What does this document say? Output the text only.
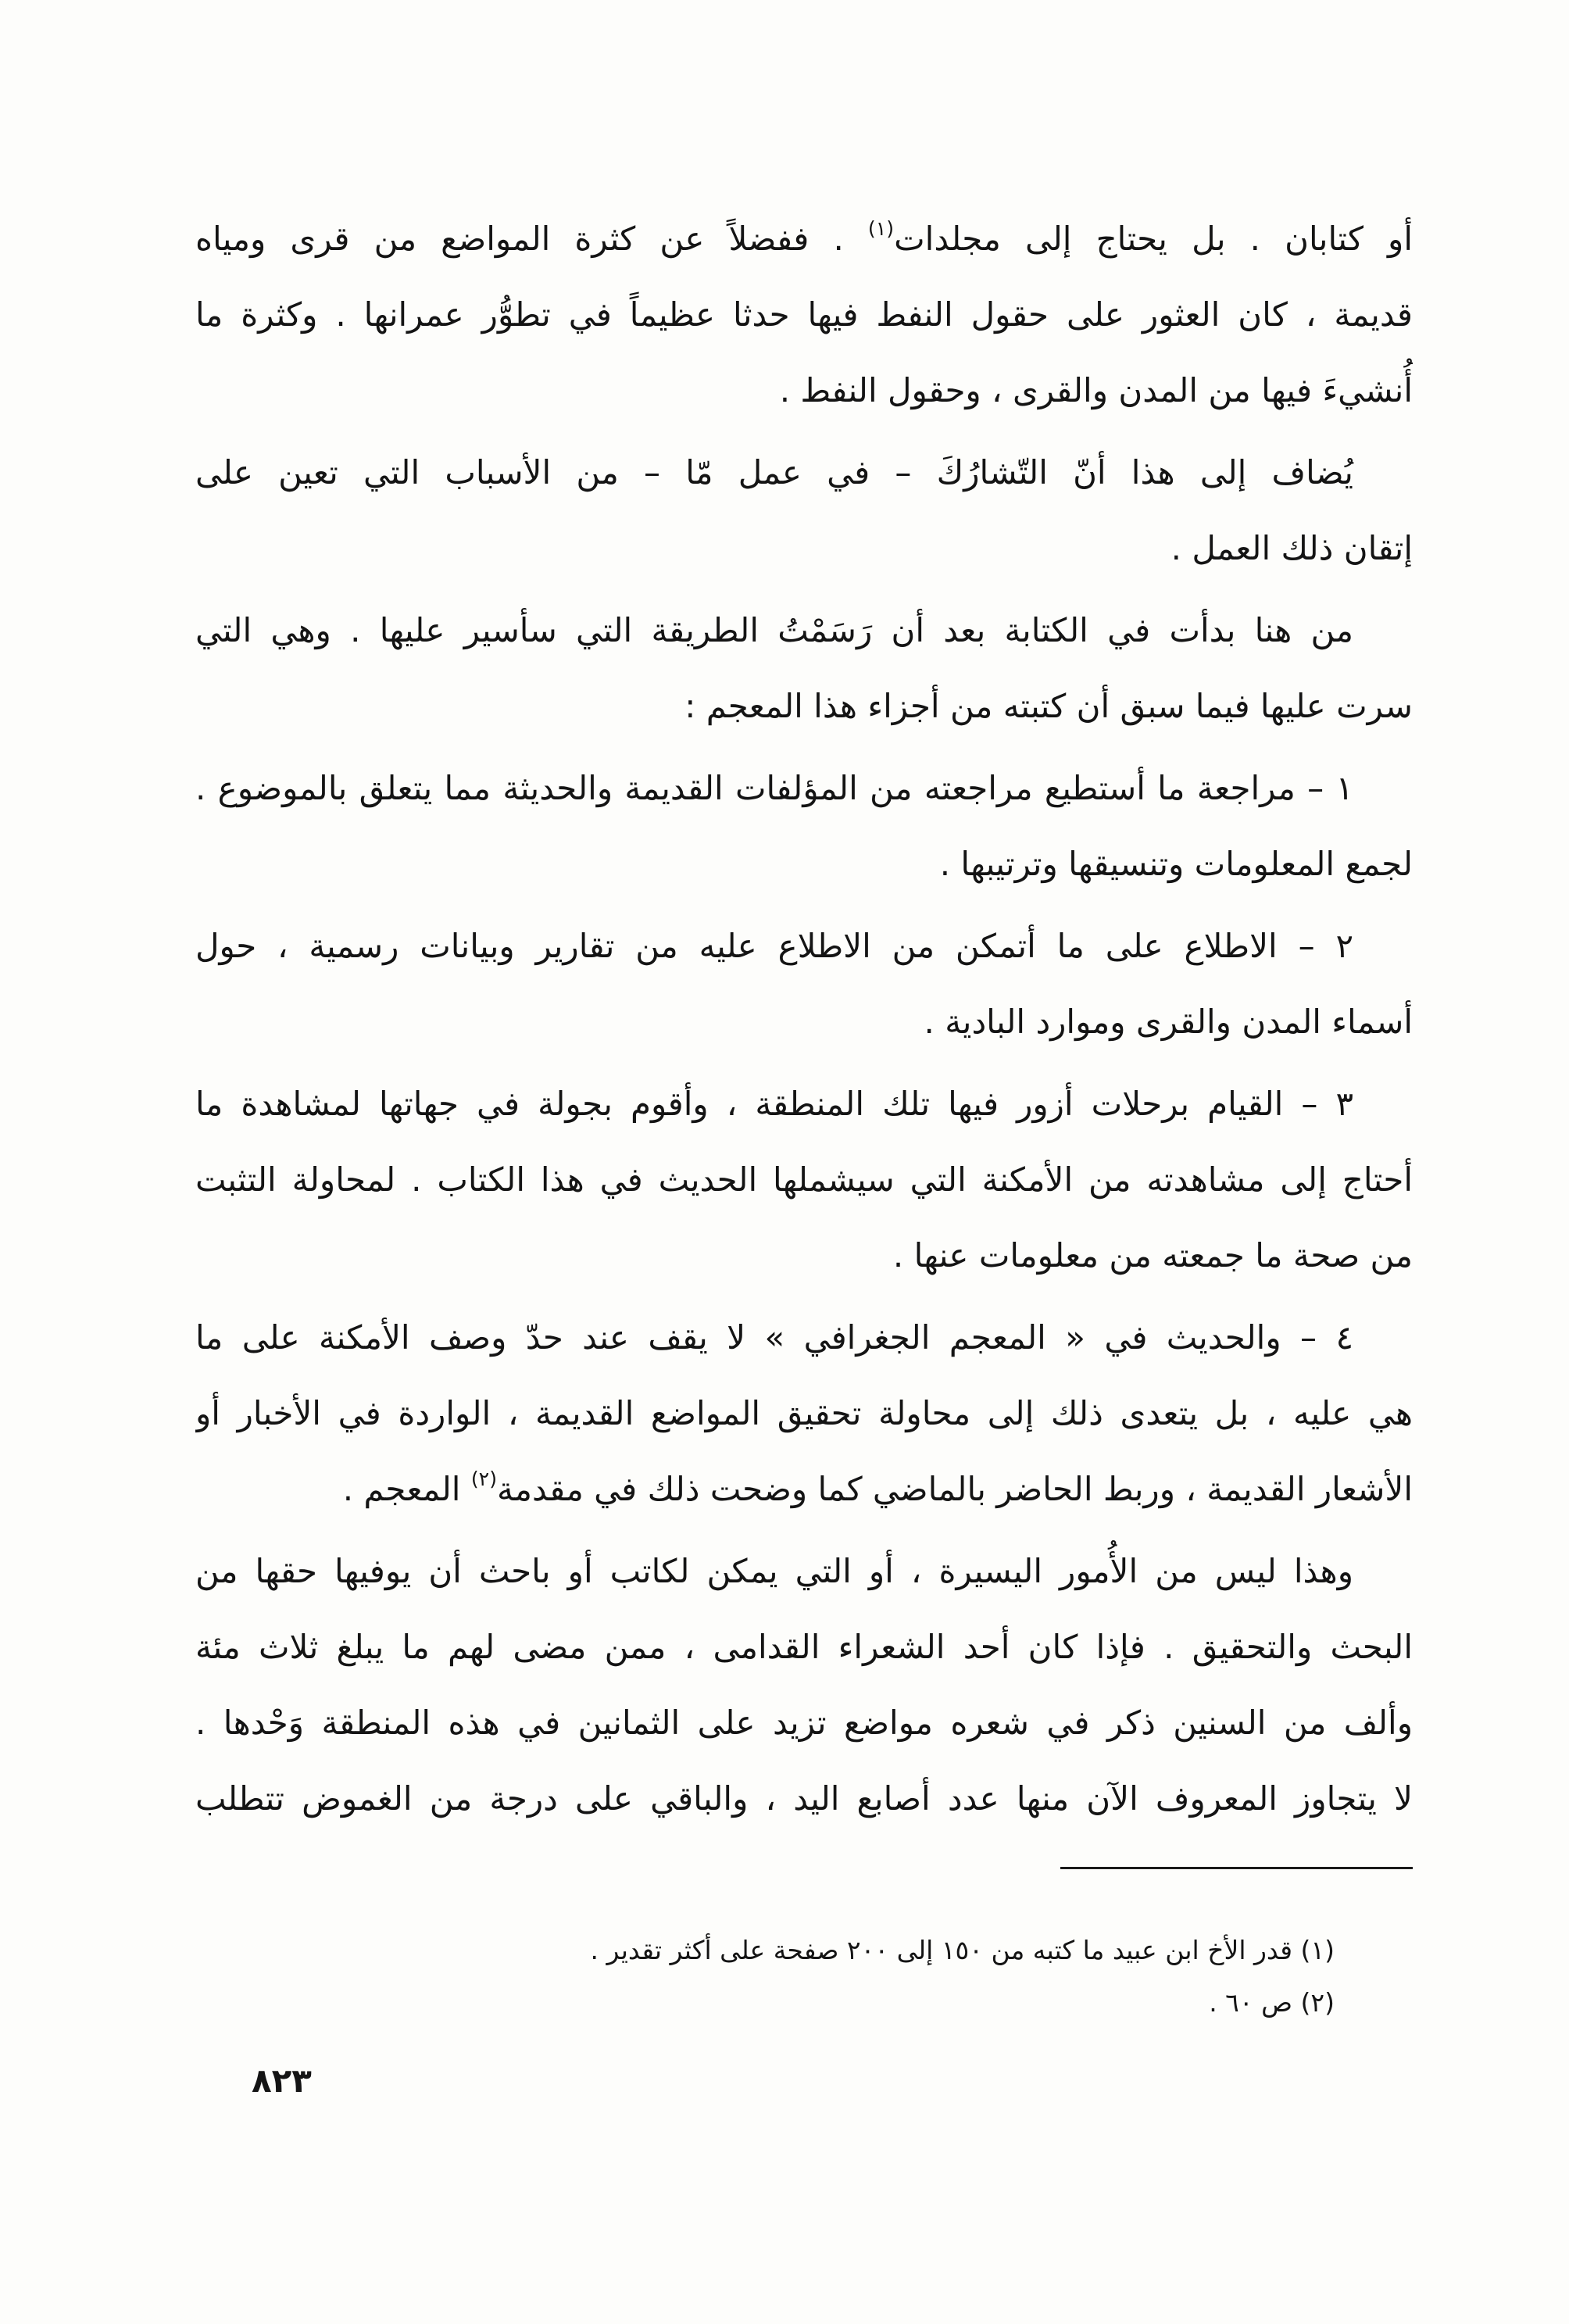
أو كتابان . بل يحتاج إلى مجلدات$^{(١)}$ . ففضلاً عن كثرة المواضع من قرى ومياه
قديمة ، كان العثور على حقول النفط فيها حدثا عظيماً في تطوُّر عمرانها . وكثرة ما
أُنشيءَ فيها من المدن والقرى ، وحقول النفط .
يُضاف إلى هذا أنّ التّشارُكَ – في عمل مّا – من الأسباب التي تعين على
إتقان ذلك العمل .
من هنا بدأت في الكتابة بعد أن رَسَمْتُ الطريقة التي سأسير عليها . وهي التي
سرت عليها فيما سبق أن كتبته من أجزاء هذا المعجم :
١ – مراجعة ما أستطيع مراجعته من المؤلفات القديمة والحديثة مما يتعلق بالموضوع .
لجمع المعلومات وتنسيقها وترتيبها .
٢ – الاطلاع على ما أتمكن من الاطلاع عليه من تقارير وبيانات رسمية ، حول
أسماء المدن والقرى وموارد البادية .
٣ – القيام برحلات أزور فيها تلك المنطقة ، وأقوم بجولة في جهاتها لمشاهدة ما
أحتاج إلى مشاهدته من الأمكنة التي سيشملها الحديث في هذا الكتاب . لمحاولة التثبت
من صحة ما جمعته من معلومات عنها .
٤ – والحديث في « المعجم الجغرافي » لا يقف عند حدّ وصف الأمكنة على ما
هي عليه ، بل يتعدى ذلك إلى محاولة تحقيق المواضع القديمة ، الواردة في الأخبار أو
الأشعار القديمة ، وربط الحاضر بالماضي كما وضحت ذلك في مقدمة$^{(٢)}$ المعجم .
وهذا ليس من الأُمور اليسيرة ، أو التي يمكن لكاتب أو باحث أن يوفيها حقها من
البحث والتحقيق . فإذا كان أحد الشعراء القدامى ، ممن مضى لهم ما يبلغ ثلاث مئة
وألف من السنين ذكر في شعره مواضع تزيد على الثمانين في هذه المنطقة وَحْدها .
لا يتجاوز المعروف الآن منها عدد أصابع اليد ، والباقي على درجة من الغموض تتطلب
(١) قدر الأخ ابن عبيد ما كتبه من ١٥٠ إلى ٢٠٠ صفحة على أكثر تقدير .
(٢) ص ٦٠ .
٨٢٣
